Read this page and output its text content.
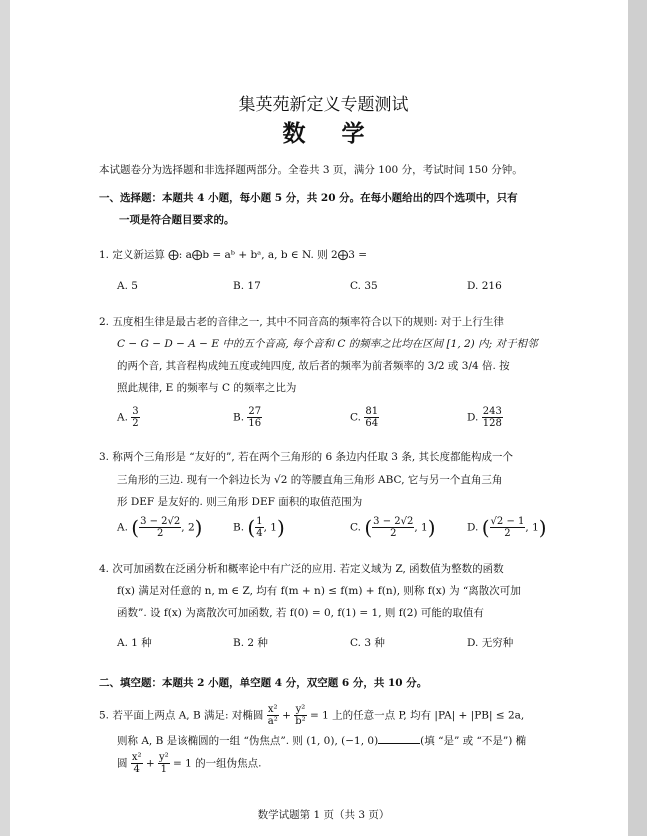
集英苑新定义专题测试
数 学
本试题卷分为选择题和非选择题两部分。全卷共 3 页，满分 100 分，考试时间 150 分钟。
一、选择题：本题共 4 小题，每小题 5 分，共 20 分。在每小题给出的四个选项中，只有
一项是符合题目要求的。
1. 定义新运算 ⨁: a⨁b = aᵇ + bᵃ, a, b ∈ N. 则 2⨁3 =
A. 5	B. 17	C. 35	D. 216
2. 五度相生律是最古老的音律之一, 其中不同音高的频率符合以下的规则: 对于上行生律
C − G − D − A − E 中的五个音高, 每个音和 C 的频率之比均在区间 [1, 2) 内; 对于相邻
的两个音, 其音程构成纯五度或纯四度, 故后者的频率为前者频率的 3/2 或 3/4 倍. 按
照此规律, E 的频率与 C 的频率之比为
A. $\frac{3}{2}$	B. $\frac{27}{16}$	C. $\frac{81}{64}$	D. $\frac{243}{128}$
3. 称两个三角形是 “友好的”, 若在两个三角形的 6 条边内任取 3 条, 其长度都能构成一个
三角形的三边. 现有一个斜边长为 √2 的等腰直角三角形 ABC, 它与另一个直角三角
形 DEF 是友好的. 则三角形 DEF 面积的取值范围为
A. ( $\frac{3 - 2√2}{2}$ , 2)	B. ( $\frac{1}{4}$ , 1)	C. ( $\frac{3 - 2√2}{2}$ , 1)	D. ( $\frac{√2 - 1}{2}$ , 1)
4. 次可加函数在泛函分析和概率论中有广泛的应用. 若定义域为 Z, 函数值为整数的函数
f(x) 满足对任意的 n, m ∈ Z, 均有 f(m + n) ≤ f(m) + f(n), 则称 f(x) 为 “离散次可加
函数”. 设 f(x) 为离散次可加函数, 若 f(0) = 0, f(1) = 1, 则 f(2) 可能的取值有
A. 1 种	B. 2 种	C. 3 种	D. 无穷种
二、填空题：本题共 2 小题，单空题 4 分，双空题 6 分，共 10 分。
5. 若平面上两点 A, B 满足: 对椭圆 $\frac{\text{x²}}{\text{a²}} + \frac{\text{y²}}{\text{b²}} = 1$ 上的任意一点 P, 均有 |PA| + |PB| ≤ 2a,
则称 A, B 是该椭圆的一组 “伪焦点”. 则 (1, 0), (−1, 0)	(填 “是” 或 “不是”) 椭
圆 $\frac{\text{x²}}{4} + \frac{\text{y²}}{1} = 1$ 的一组伪焦点.
数学试题第 1 页（共 3 页）
